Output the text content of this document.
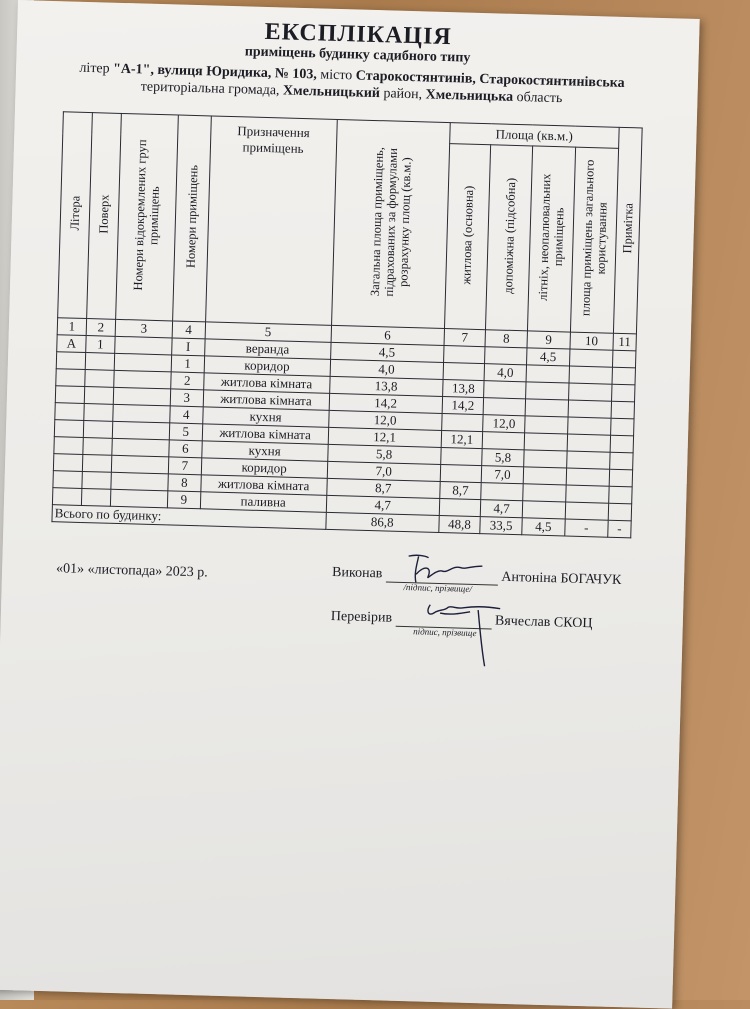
ЕКСПЛІКАЦІЯ
приміщень будинку садибного типу
літер "А-1", вулиця Юридика, № 103, місто Старокостянтинів, Старокостянтинівська
територіальна громада, Хмельницький район, Хмельницька область
Літера	Поверх	Номери відокремлених груп приміщень	Номери приміщень	Призначення приміщень	Загальна площа приміщень, підрахованих за формулами розрахунку площ (кв.м.)	Площа (кв.м.)				Примітка
						житлова (основна)	допоміжна (підсобна)	літніх, неопалювальних приміщень	площа приміщень загального користування	
1	2	3	4	5	6	7	8	9	10	11
А	1		І	веранда	4,5			4,5		
			1	коридор	4,0		4,0			
			2	житлова кімната	13,8	13,8				
			3	житлова кімната	14,2	14,2				
			4	кухня	12,0		12,0			
			5	житлова кімната	12,1	12,1				
			6	кухня	5,8		5,8			
			7	коридор	7,0		7,0			
			8	житлова кімната	8,7	8,7				
			9	паливна	4,7		4,7			
Всього по будинку:					86,8	48,8	33,5	4,5	-	-
«01» «листопада» 2023 р.	Виконав
/підпис, прізвище/ Антоніна БОГАЧУК
Перевірив
підпис, прізвище
Вячеслав СКОЦ
